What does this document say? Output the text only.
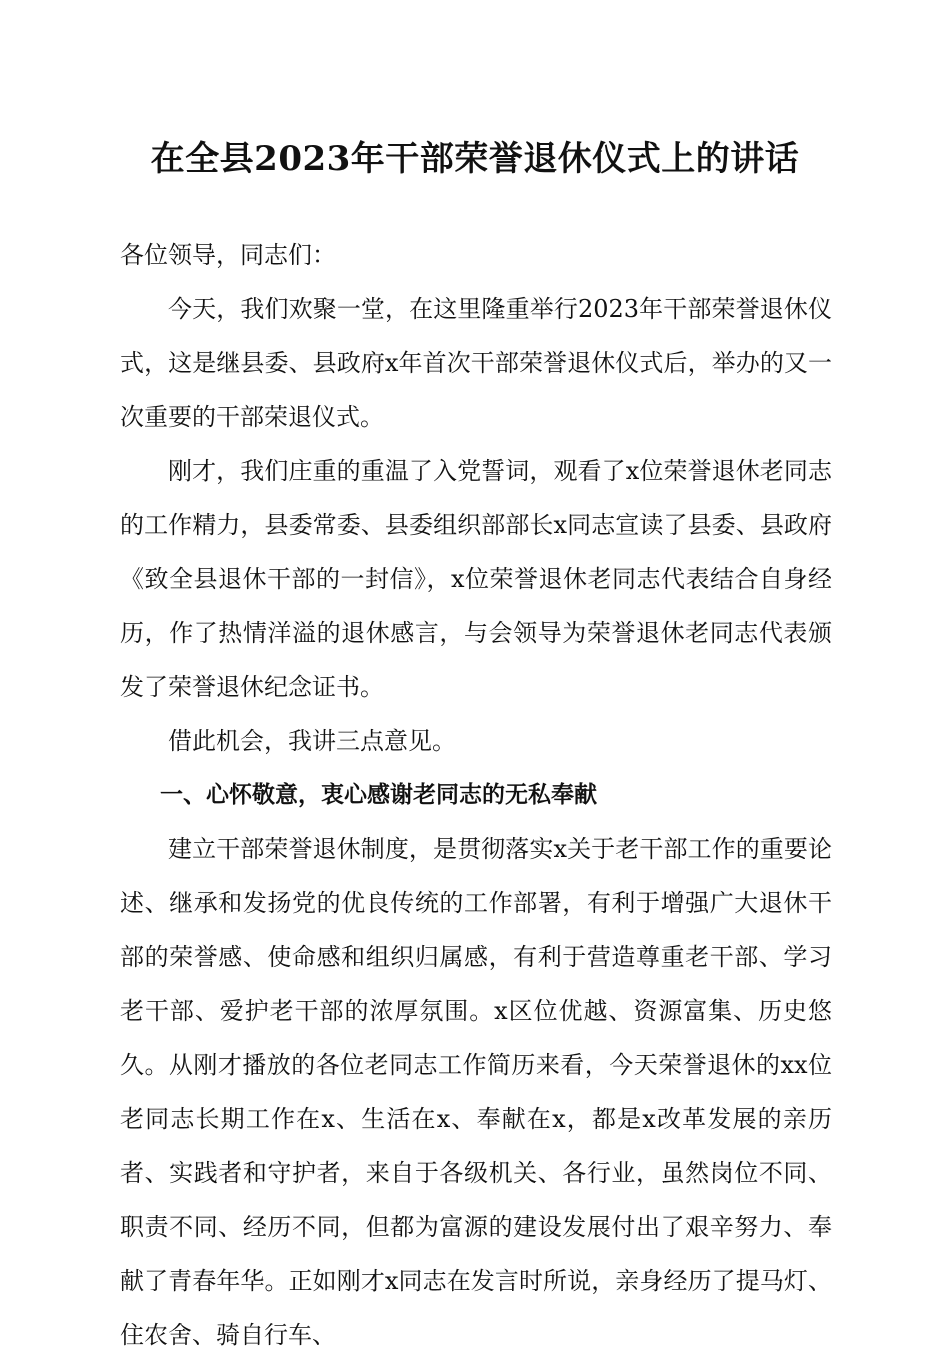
在全县2023年干部荣誉退休仪式上的讲话

各位领导，同志们：

今天，我们欢聚一堂，在这里隆重举行2023年干部荣誉退休仪式，这是继县委、县政府x年首次干部荣誉退休仪式后，举办的又一次重要的干部荣退仪式。

刚才，我们庄重的重温了入党誓词，观看了x位荣誉退休老同志的工作精力，县委常委、县委组织部部长x同志宣读了县委、县政府《致全县退休干部的一封信》，x位荣誉退休老同志代表结合自身经历，作了热情洋溢的退休感言，与会领导为荣誉退休老同志代表颁发了荣誉退休纪念证书。

借此机会，我讲三点意见。

一、心怀敬意，衷心感谢老同志的无私奉献

建立干部荣誉退休制度，是贯彻落实x关于老干部工作的重要论述、继承和发扬党的优良传统的工作部署，有利于增强广大退休干部的荣誉感、使命感和组织归属感，有利于营造尊重老干部、学习老干部、爱护老干部的浓厚氛围。x区位优越、资源富集、历史悠久。从刚才播放的各位老同志工作简历来看，今天荣誉退休的xx位老同志长期工作在x、生活在x、奉献在x，都是x改革发展的亲历者、实践者和守护者，来自于各级机关、各行业，虽然岗位不同、职责不同、经历不同，但都为富源的建设发展付出了艰辛努力、奉献了青春年华。正如刚才x同志在发言时所说，亲身经历了提马灯、住农舍、骑自行车、
